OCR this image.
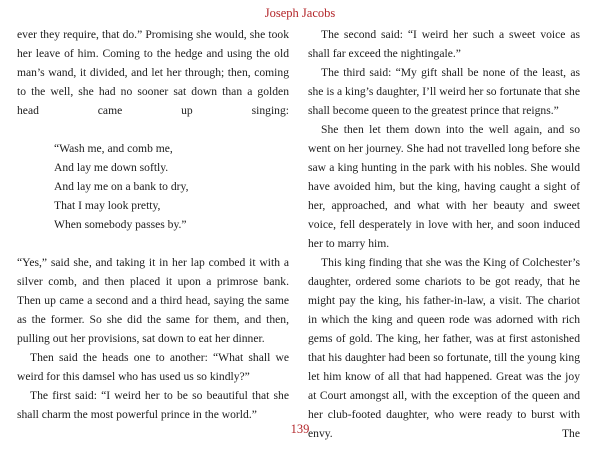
Joseph Jacobs

ever they require, that do.” Promising she would, she took her leave of him. Coming to the hedge and using the old man’s wand, it divided, and let her through; then, coming to the well, she had no sooner sat down than a golden head came up singing:

“Wash me, and comb me,
And lay me down softly.
And lay me on a bank to dry,
That I may look pretty,
When somebody passes by.”

“Yes,” said she, and taking it in her lap combed it with a silver comb, and then placed it upon a primrose bank. Then up came a second and a third head, saying the same as the former. So she did the same for them, and then, pulling out her provisions, sat down to eat her dinner.

Then said the heads one to another: “What shall we weird for this damsel who has used us so kindly?”

The first said: “I weird her to be so beautiful that she shall charm the most powerful prince in the world.”

The second said: “I weird her such a sweet voice as shall far exceed the nightingale.”

The third said: “My gift shall be none of the least, as she is a king’s daughter, I’ll weird her so fortunate that she shall become queen to the greatest prince that reigns.”

She then let them down into the well again, and so went on her journey. She had not travelled long before she saw a king hunting in the park with his nobles. She would have avoided him, but the king, having caught a sight of her, approached, and what with her beauty and sweet voice, fell desperately in love with her, and soon induced her to marry him.

This king finding that she was the King of Colchester’s daughter, ordered some chariots to be got ready, that he might pay the king, his father-in-law, a visit. The chariot in which the king and queen rode was adorned with rich gems of gold. The king, her father, was at first astonished that his daughter had been so fortunate, till the young king let him know of all that had happened. Great was the joy at Court amongst all, with the exception of the queen and her club-footed daughter, who were ready to burst with envy. The

139
